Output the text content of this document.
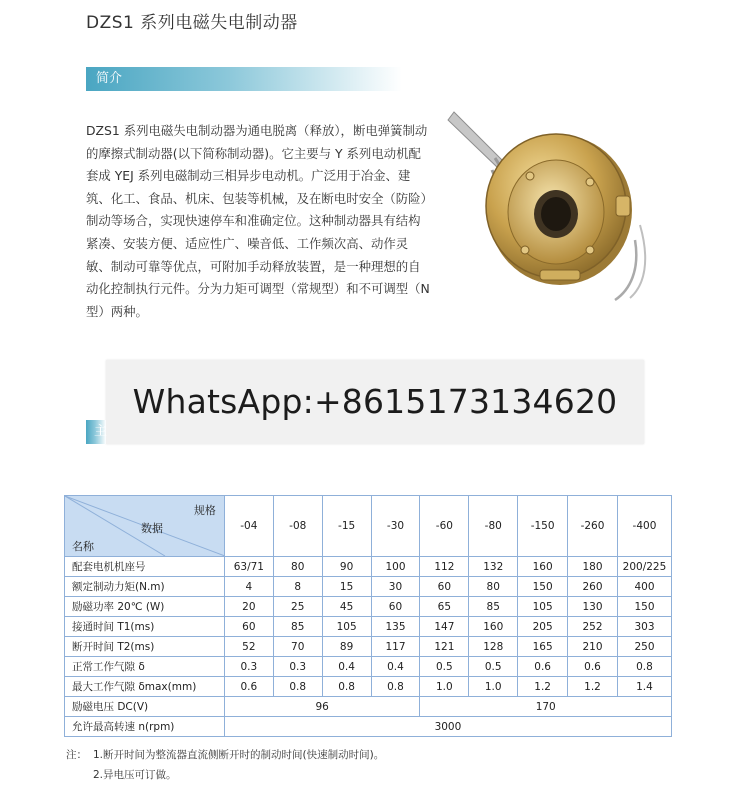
DZS1 系列电磁失电制动器
简介
DZS1 系列电磁失电制动器为通电脱离（释放），断电弹簧制动的摩擦式制动器(以下简称制动器)。它主要与 Y 系列电动机配套成 YEJ 系列电磁制动三相异步电动机。广泛用于冶金、建筑、化工、食品、机床、包装等机械，及在断电时安全（防险）制动等场合，实现快速停车和准确定位。这种制动器具有结构紧凑、安装方便、适应性广、噪音低、工作频次高、动作灵敏、制动可靠等优点，可附加手动释放装置，是一种理想的自动化控制执行元件。分为力矩可调型（常规型）和不可调型（N 型）两种。
WhatsApp:+8615173134620
主
规格
数据
名称	-04	-08	-15	-30	-60	-80	-150	-260	-400
配套电机机座号	63/71	80	90	100	112	132	160	180	200/225
额定制动力矩(N.m)	4	8	15	30	60	80	150	260	400
励磁功率 20℃ (W)	20	25	45	60	65	85	105	130	150
接通时间 T1(ms)	60	85	105	135	147	160	205	252	303
断开时间 T2(ms)	52	70	89	117	121	128	165	210	250
正常工作气隙 δ	0.3	0.3	0.4	0.4	0.5	0.5	0.6	0.6	0.8
最大工作气隙 δmax(mm)	0.6	0.8	0.8	0.8	1.0	1.0	1.2	1.2	1.4
励磁电压 DC(V)	96				170				
允许最高转速 n(rpm)	3000								
注： 1.断开时间为整流器直流侧断开时的制动时间(快速制动时间)。
2.异电压可订做。
